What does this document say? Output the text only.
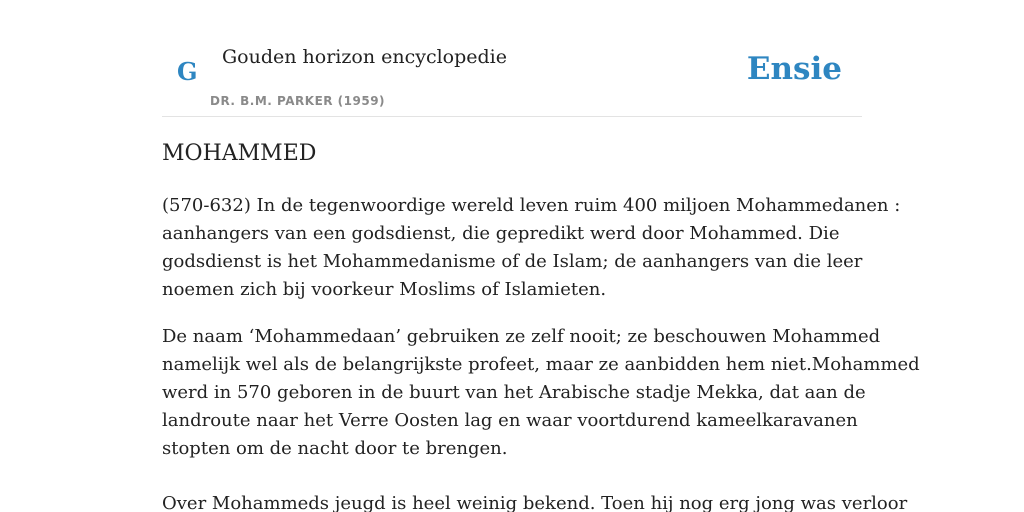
G Gouden horizon encyclopedie
DR. B.M. PARKER (1959)
Ensie
MOHAMMED

(570-632) In de tegenwoordige wereld leven ruim 400 miljoen Mohammedanen :
aanhangers van een godsdienst, die gepredikt werd door Mohammed. Die
godsdienst is het Mohammedanisme of de Islam; de aanhangers van die leer
noemen zich bij voorkeur Moslims of Islamieten.

De naam ‘Mohammedaan’ gebruiken ze zelf nooit; ze beschouwen Mohammed
namelijk wel als de belangrijkste profeet, maar ze aanbidden hem niet.Mohammed
werd in 570 geboren in de buurt van het Arabische stadje Mekka, dat aan de
landroute naar het Verre Oosten lag en waar voortdurend kameelkaravanen
stopten om de nacht door te brengen.

Over Mohammeds jeugd is heel weinig bekend. Toen hij nog erg jong was verloor
